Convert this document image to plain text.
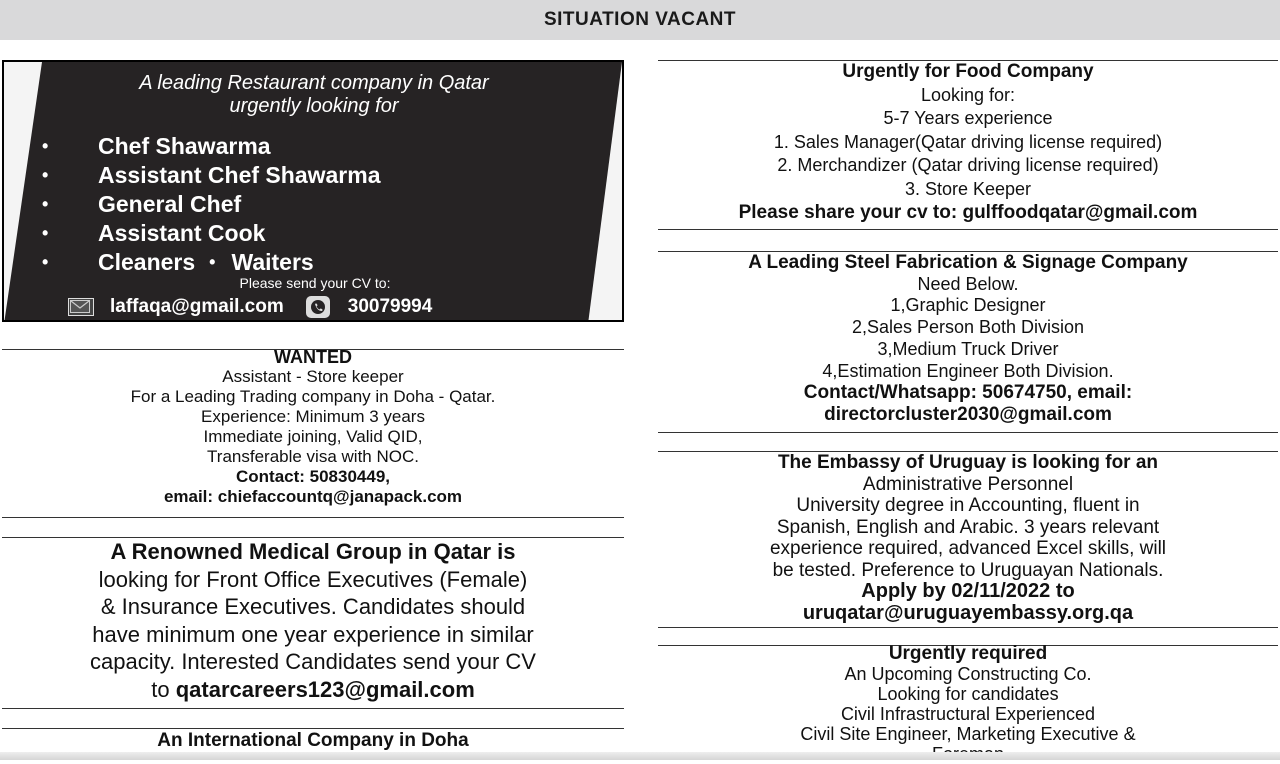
SITUATION VACANT
A leading Restaurant company in Qatar
urgently looking for
•	Chef Shawarma
•	Assistant Chef Shawarma
•	General Chef
•	Assistant Cook
•	Cleaners • Waiters
Please send your CV to:
laffaqa@gmail.com	30079994

WANTED

Assistant - Store keeper

For a Leading Trading company in Doha - Qatar.

Experience: Minimum 3 years

Immediate joining, Valid QID,

Transferable visa with NOC.

Contact: 50830449,

email: chiefaccountq@janapack.com

A Renowned Medical Group in Qatar is

looking for Front Office Executives (Female)

& Insurance Executives. Candidates should

have minimum one year experience in similar

capacity. Interested Candidates send your CV

to qatarcareers123@gmail.com

An International Company in Doha

Urgently for Food Company

Looking for:

5-7 Years experience

1. Sales Manager(Qatar driving license required)

2. Merchandizer (Qatar driving license required)

3. Store Keeper

Please share your cv to: gulffoodqatar@gmail.com

A Leading Steel Fabrication & Signage Company

Need Below.

1,Graphic Designer

2,Sales Person Both Division

3,Medium Truck Driver

4,Estimation Engineer Both Division.

Contact/Whatsapp: 50674750, email:

directorcluster2030@gmail.com

The Embassy of Uruguay is looking for an

Administrative Personnel

University degree in Accounting, fluent in

Spanish, English and Arabic. 3 years relevant

experience required, advanced Excel skills, will

be tested. Preference to Uruguayan Nationals.

Apply by 02/11/2022 to

uruqatar@uruguayembassy.org.qa

Urgently required

An Upcoming Constructing Co.

Looking for candidates

Civil Infrastructural Experienced

Civil Site Engineer, Marketing Executive &
